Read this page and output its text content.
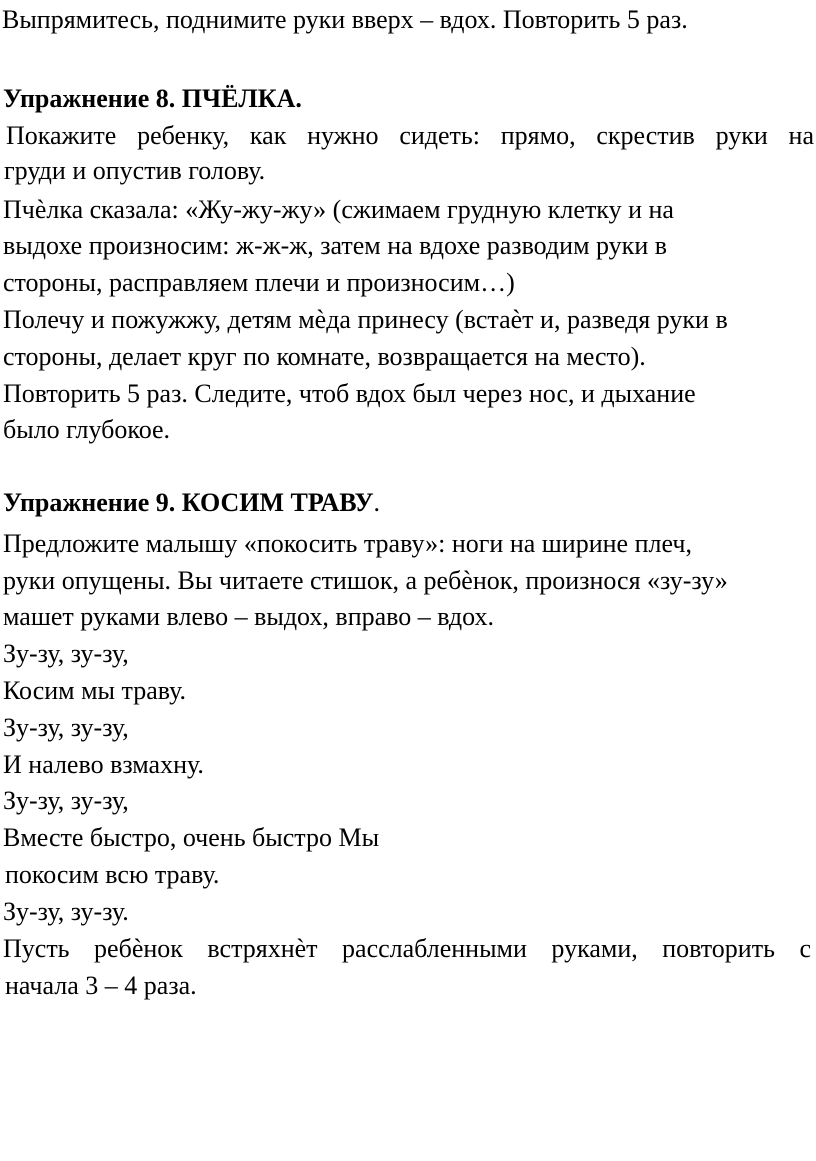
Выпрямитесь, поднимите руки вверх – вдох. Повторить 5 раз.
Упражнение 8. ПЧЁЛКА.
Покажите ребенку, как нужно сидеть: прямо, скрестив руки на
груди и опустив голову.
Пчѐлка сказала: «Жу-жу-жу» (сжимаем грудную клетку и на
выдохе произносим: ж-ж-ж, затем на вдохе разводим руки в
стороны, расправляем плечи и произносим…)
Полечу и пожужжу, детям мѐда принесу (встаѐт и, разведя руки в
стороны, делает круг по комнате, возвращается на место).
Повторить 5 раз. Следите, чтоб вдох был через нос, и дыхание
было глубокое.
Упражнение 9. КОСИМ ТРАВУ.
Предложите малышу «покосить траву»: ноги на ширине плеч,
руки опущены. Вы читаете стишок, а ребѐнок, произнося «зу-зу»
машет руками влево – выдох, вправо – вдох.
Зу-зу, зу-зу,
Косим мы траву.
Зу-зу, зу-зу,
И налево взмахну.
Зу-зу, зу-зу,
Вместе быстро, очень быстро Мы
покосим всю траву.
Зу-зу, зу-зу.
Пусть ребѐнок встряхнѐт расслабленными руками, повторить с
начала 3 – 4 раза.
